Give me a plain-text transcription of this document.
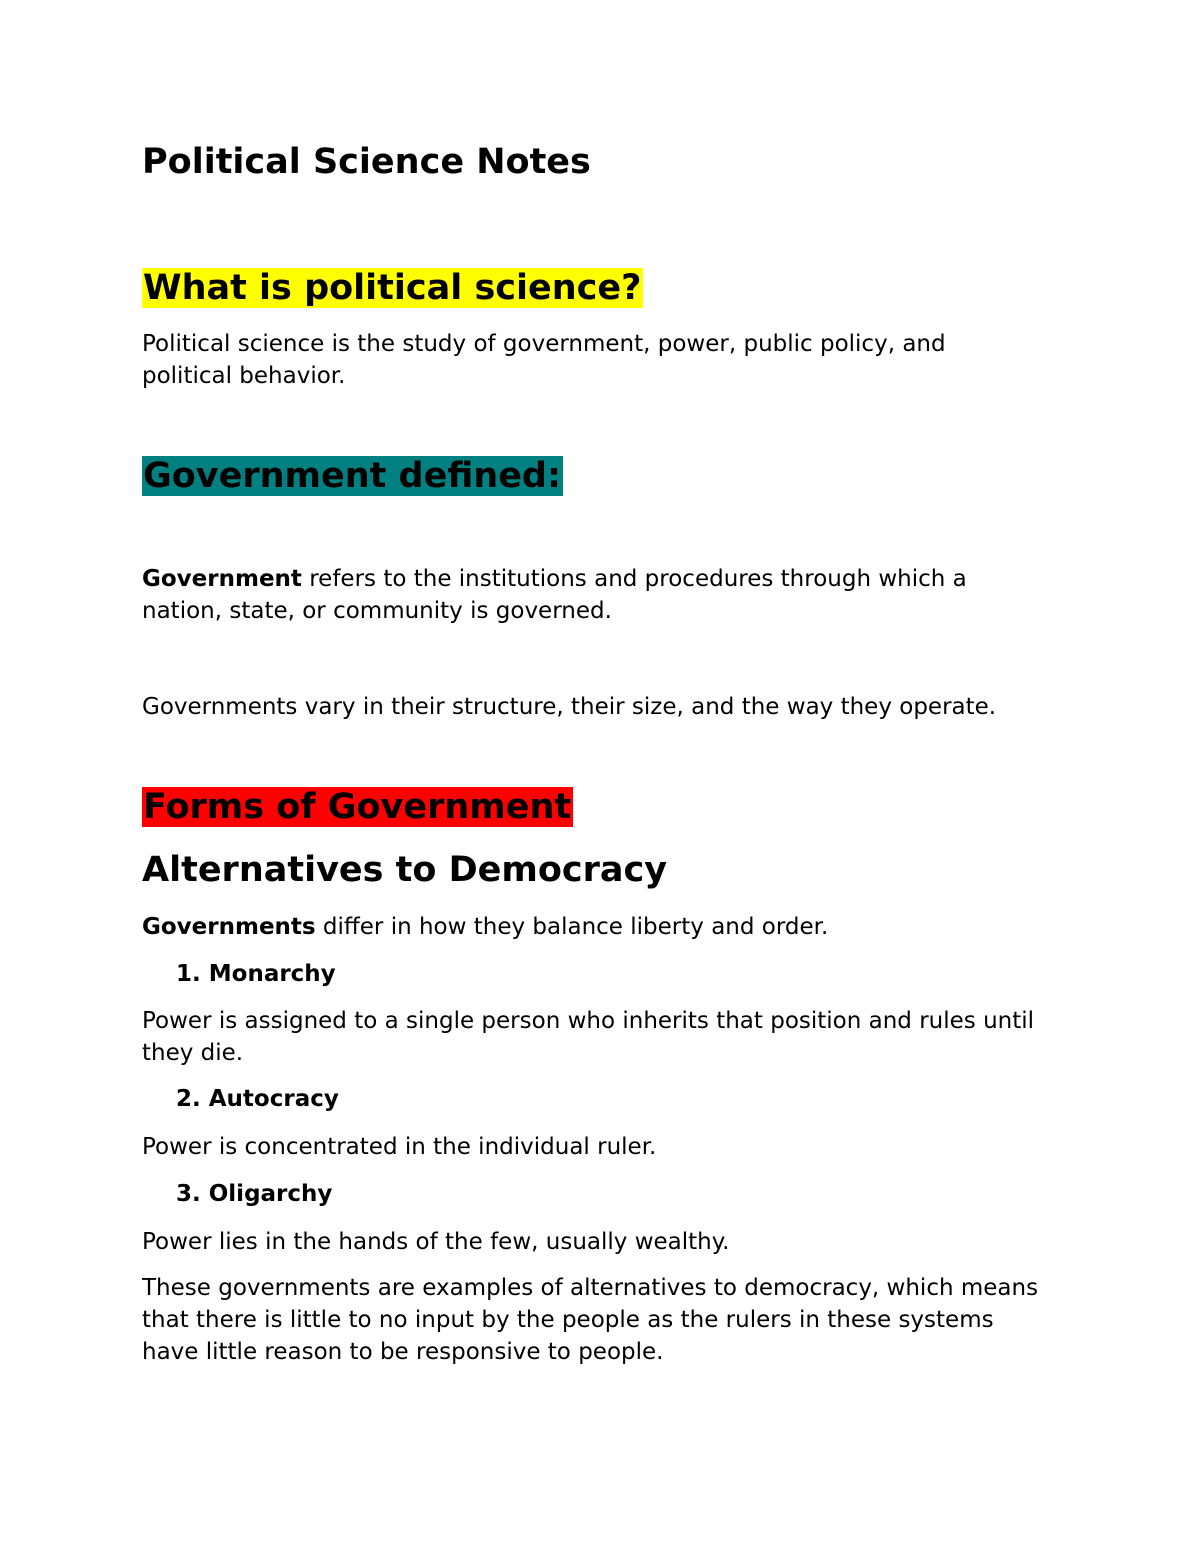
Political Science Notes
What is political science?
Political science is the study of government, power, public policy, and
political behavior.
Government defined:
Government refers to the institutions and procedures through which a
nation, state, or community is governed.
Governments vary in their structure, their size, and the way they operate.
Forms of Government
Alternatives to Democracy
Governments differ in how they balance liberty and order.
1. Monarchy
Power is assigned to a single person who inherits that position and rules until
they die.
2. Autocracy
Power is concentrated in the individual ruler.
3. Oligarchy
Power lies in the hands of the few, usually wealthy.
These governments are examples of alternatives to democracy, which means
that there is little to no input by the people as the rulers in these systems
have little reason to be responsive to people.
